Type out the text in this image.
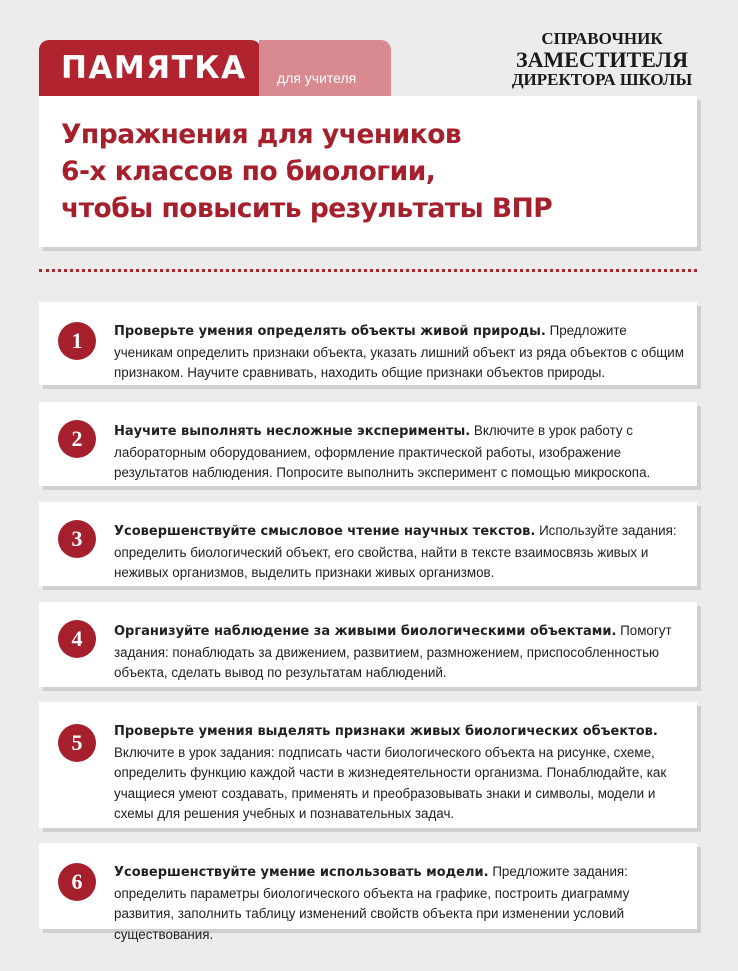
ПАМЯТКА для учителя
СПРАВОЧНИК
ЗАМЕСТИТЕЛЯ
ДИРЕКТОРА ШКОЛЫ
Упражнения для учеников
6-х классов по биологии,
чтобы повысить результаты ВПР
1	Проверьте умения определять объекты живой природы. Предложите ученикам определить признаки объекта, указать лишний объект из ряда объектов с общим признаком. Научите сравнивать, находить общие признаки объектов природы.
2	Научите выполнять несложные эксперименты. Включите в урок работу с лабораторным оборудованием, оформление практической работы, изображение результатов наблюдения. Попросите выполнить эксперимент с помощью микроскопа.
3	Усовершенствуйте смысловое чтение научных текстов. Используйте задания: определить биологический объект, его свойства, найти в тексте взаимосвязь живых и неживых организмов, выделить признаки живых организмов.
4	Организуйте наблюдение за живыми биологическими объектами. Помогут задания: понаблюдать за движением, развитием, размножением, приспособленностью объекта, сделать вывод по результатам наблюдений.
5	Проверьте умения выделять признаки живых биологических объектов. Включите в урок задания: подписать части биологического объекта на рисунке, схеме, определить функцию каждой части в жизнедеятельности организма. Понаблюдайте, как учащиеся умеют создавать, применять и преобразовывать знаки и символы, модели и схемы для решения учебных и познавательных задач.
6	Усовершенствуйте умение использовать модели. Предложите задания: определить параметры биологического объекта на графике, построить диаграмму развития, заполнить таблицу изменений свойств объекта при изменении условий существования.
